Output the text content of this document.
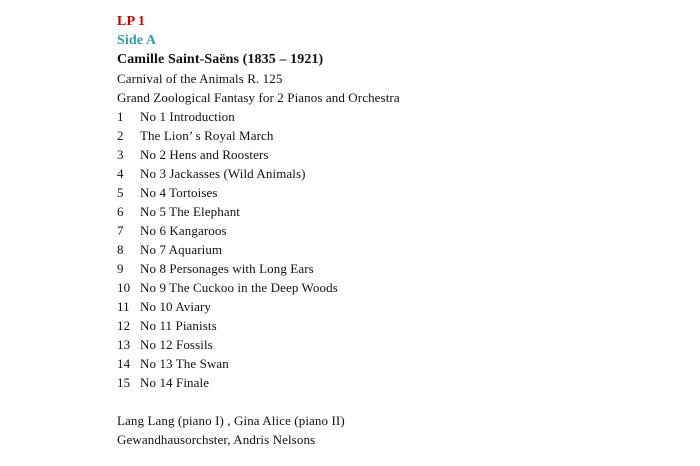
LP 1
Side A
Camille Saint-Saëns (1835 – 1921)
Carnival of the Animals R. 125
Grand Zoological Fantasy for 2 Pianos and Orchestra
1	No 1 Introduction
2	The Lion’ s Royal March
3	No 2 Hens and Roosters
4	No 3 Jackasses (Wild Animals)
5	No 4 Tortoises
6	No 5 The Elephant
7	No 6 Kangaroos
8	No 7 Aquarium
9	No 8 Personages with Long Ears
10 No 9 The Cuckoo in the Deep Woods
11 No 10 Aviary
12 No 11 Pianists
13 No 12 Fossils
14 No 13 The Swan
15 No 14 Finale
Lang Lang (piano I) , Gina Alice (piano II)
Gewandhausorchster, Andris Nelsons
